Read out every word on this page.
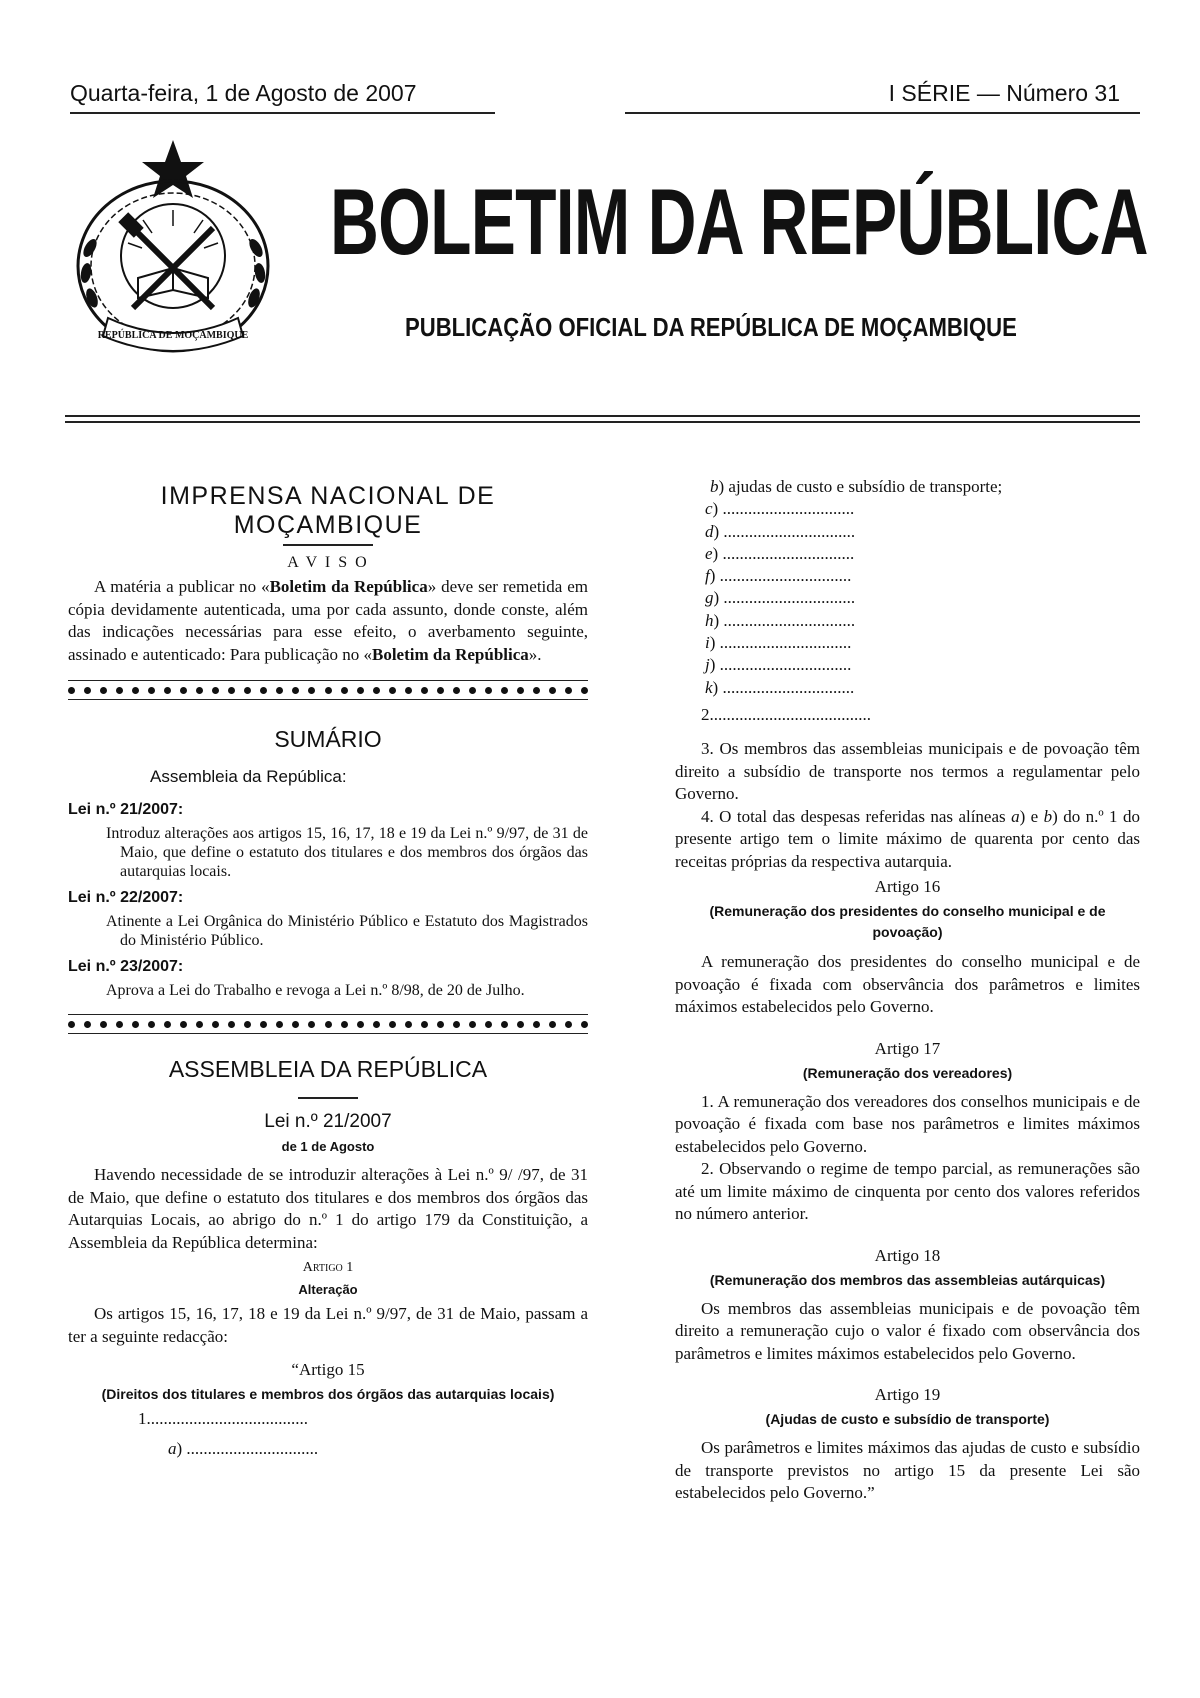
Quarta-feira, 1 de Agosto de 2007	I SÉRIE — Número 31
REPÚBLICA DE MOÇAMBIQUE
BOLETIM DA REPÚBLICA
PUBLICAÇÃO OFICIAL DA REPÚBLICA DE MOÇAMBIQUE
IMPRENSA NACIONAL DE MOÇAMBIQUE
A V I S O

A matéria a publicar no «Boletim da República» deve ser remetida em cópia devidamente autenticada, uma por cada assunto, donde conste, além das indicações necessárias para esse efeito, o averbamento seguinte, assinado e autenticado: Para publicação no «Boletim da República».

SUMÁRIO
Assembleia da República:
Lei n.º 21/2007:

Introduz alterações aos artigos 15, 16, 17, 18 e 19 da Lei n.º 9/97, de 31 de Maio, que define o estatuto dos titulares e dos membros dos órgãos das autarquias locais.

Lei n.º 22/2007:

Atinente a Lei Orgânica do Ministério Público e Estatuto dos Magistrados do Ministério Público.

Lei n.º 23/2007:

Aprova a Lei do Trabalho e revoga a Lei n.º 8/98, de 20 de Julho.

ASSEMBLEIA DA REPÚBLICA
Lei n.º 21/2007
de 1 de Agosto

Havendo necessidade de se introduzir alterações à Lei n.º 9/ /97, de 31 de Maio, que define o estatuto dos titulares e dos membros dos órgãos das Autarquias Locais, ao abrigo do n.º 1 do artigo 179 da Constituição, a Assembleia da República determina:

Artigo 1
Alteração

Os artigos 15, 16, 17, 18 e 19 da Lei n.º 9/97, de 31 de Maio, passam a ter a seguinte redacção:

“Artigo 15
(Direitos dos titulares e membros dos órgãos das autarquias locais)
1......................................
a) ...............................
b) ajudas de custo e subsídio de transporte;
c) ...............................
d) ...............................
e) ...............................
f) ...............................
g) ...............................
h) ...............................
i) ...............................
j) ...............................
k) ...............................
2......................................

3. Os membros das assembleias municipais e de povoação têm direito a subsídio de transporte nos termos a regulamentar pelo Governo.

4. O total das despesas referidas nas alíneas a) e b) do n.º 1 do presente artigo tem o limite máximo de quarenta por cento das receitas próprias da respectiva autarquia.

Artigo 16
(Remuneração dos presidentes do conselho municipal e de povoação)

A remuneração dos presidentes do conselho municipal e de povoação é fixada com observância dos parâmetros e limites máximos estabelecidos pelo Governo.

Artigo 17
(Remuneração dos vereadores)

1. A remuneração dos vereadores dos conselhos municipais e de povoação é fixada com base nos parâmetros e limites máximos estabelecidos pelo Governo.

2. Observando o regime de tempo parcial, as remunerações são até um limite máximo de cinquenta por cento dos valores referidos no número anterior.

Artigo 18
(Remuneração dos membros das assembleias autárquicas)

Os membros das assembleias municipais e de povoação têm direito a remuneração cujo o valor é fixado com observância dos parâmetros e limites máximos estabelecidos pelo Governo.

Artigo 19
(Ajudas de custo e subsídio de transporte)

Os parâmetros e limites máximos das ajudas de custo e subsídio de transporte previstos no artigo 15 da presente Lei são estabelecidos pelo Governo.”
